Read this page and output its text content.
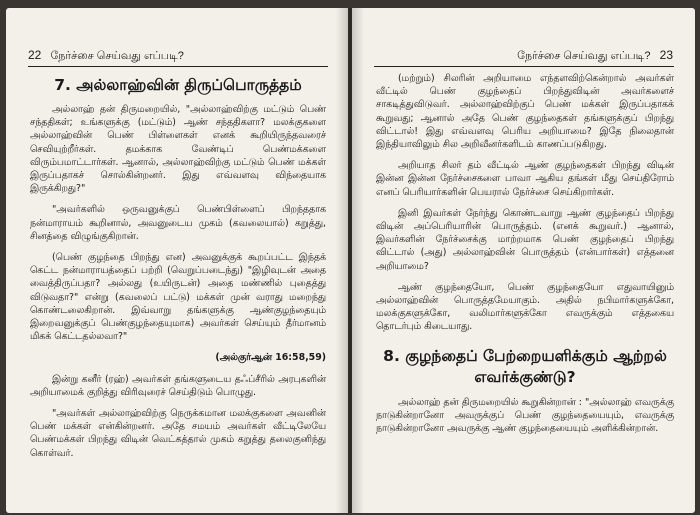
22 நேர்ச்சை செய்வது எப்படி?
7. அல்லாஹ்வின் திருப்பொருத்தம்

அல்லாஹ் தன் திருமறையில், "அல்லாஹ்விற்கு மட்டும் பெண் சந்ததிகள்; உங்களுக்கு (மட்டும்) ஆண் சந்ததிகளா? மலக்குகளை அல்லாஹ்வின் பெண் பிள்ளைகள் எனக் கூறியிருந்தவரைச் செவியுற்றீர்கள். தமக்காக வேண்டிப் பெண்மக்களை விரும்பமாட்டார்கள். ஆனால், அல்லாஹ்விற்கு மட்டும் பெண் மக்கள் இருப்பதாகச் சொல்கின்றனர். இது எவ்வளவு விந்தையாக இருக்கிறது?"

"அவர்களில் ஒருவனுக்குப் பெண்பிள்ளைப் பிறந்ததாக நன்மாராயம் கூறினால், அவனுடைய முகம் (கவலையால்) கறுத்து, சினத்தை விழுங்குகிறான்.

(பெண் குழந்தை பிறந்து என) அவனுக்குக் கூறப்பட்ட இந்தக் கெட்ட நன்மாராயத்தைப் பற்றி (வெறுப்படைந்து) "இழிவுடன் அதை வைத்திருப்பதா? அல்லது (உயிருடன்) அதை மண்ணில் புதைத்து விடுவதா?" என்று (கவலைப் பட்டு) மக்கள் முன் வராது மறைந்து கொண்டலைகிறான். இவ்வாறு தங்களுக்கு ஆண்குழந்தையும் இறைவனுக்குப் பெண்குழந்தையுமாக) அவர்கள் செய்யும் தீர்மானம் மிகக் கெட்டதல்லவா?"

(அல்குர்ஆன் 16:58,59)

இன்று கனீர் (ரஹ்) அவர்கள் தங்களுடைய தஃப்சீரில் அரபுகளின் அறியாமைக் குறித்து விரிவுரைச் செய்திடும் பொழுது.

"அவர்கள் அல்லாஹ்விற்கு நெருக்கமான மலக்குகளை அவனின் பெண் மக்கள் என்கின்றனர். அதே சமயம் அவர்கள் வீட்டிலேயே பெண்மக்கள் பிறந்து விடின் வெட்கத்தால் முகம் கறுத்து தலைகுனிந்து கொள்வர்.

நேர்ச்சை செய்வது எப்படி? 23

(மற்றும்) சிலரின் அறியாமை எந்தளவிற்கென்றால் அவர்கள் வீட்டில் பெண் குழந்தைப் பிறந்துவிடின் அவர்களைச் சாகடித்துவிடுவர். அல்லாஹ்விற்குப் பெண் மக்கள் இருப்பதாகக் கூறுவது; ஆனால் அதே பெண் குழந்தைகள் தங்களுக்குப் பிறந்து விட்டால்! இது எவ்வளவு பெரிய அறியாமை? இதே நிலைதான் இந்தியாவிலும் சில அறிவீனர்களிடம் காணப்படுகிறது.

அறியாத சிலர் தம் வீட்டில் ஆண் குழந்தைகள் பிறந்து விடின் இன்ன இன்ன நேர்ச்சைகளை பாவா ஆகிய தங்கள் மீது செய்திரோம் எனப் பெரியார்களின் பெயரால் நேர்ச்சை செய்கிறார்கள்.

இனி இவர்கள் நேர்ந்து கொண்டவாறு ஆண் குழந்தைப் பிறந்து விடின் அப்பெரியாரின் பொருத்தம். (எனக் கூறுவர்.) ஆனால், இவர்களின் நேர்ச்சைக்கு மாற்றமாக பெண் குழந்தைப் பிறந்து விட்டால் (அது) அல்லாஹ்வின் பொருத்தம் (என்பார்கள்) எத்தனை அறியாமை?

ஆண் குழந்தையோ, பெண் குழந்தையோ எதுவாயினும் அல்லாஹ்வின் பொருத்தமேயாகும். அதில் நபிமார்களுக்கோ, மலக்குகளுக்கோ, வலிமார்களுக்கோ எவருக்கும் எத்தகைய தொடர்பும் கிடையாது.

8. குழந்தைப் பேற்றையளிக்கும் ஆற்றல் எவர்க்குண்டு?

அல்லாஹ் தன் திருமறையில் கூறுகின்றான் : "அல்லாஹ் எவருக்கு நாடுகின்றானோ அவருக்குப் பெண் குழந்தையையும், எவருக்கு நாடுகின்றானோ அவருக்கு ஆண் குழந்தையையும் அளிக்கின்றான்.
